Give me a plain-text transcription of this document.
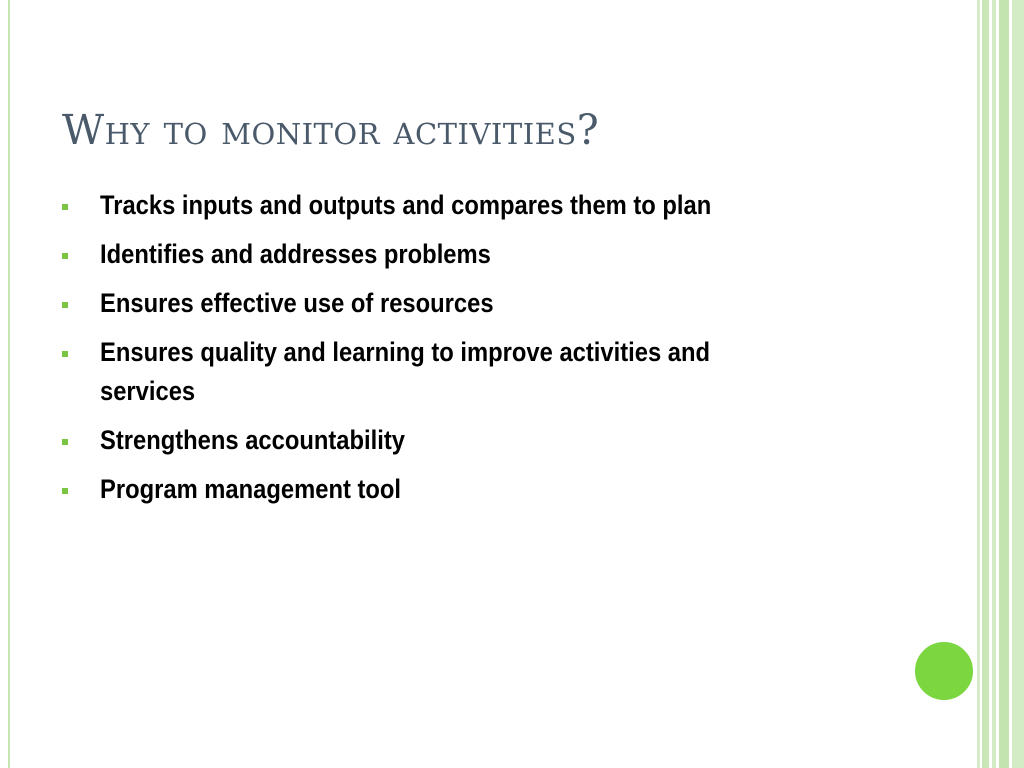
Why to monitor activities?
Tracks inputs and outputs and compares them to plan
Identifies and addresses problems
Ensures effective use of resources
Ensures quality and learning to improve activities and services
Strengthens accountability
Program management tool
